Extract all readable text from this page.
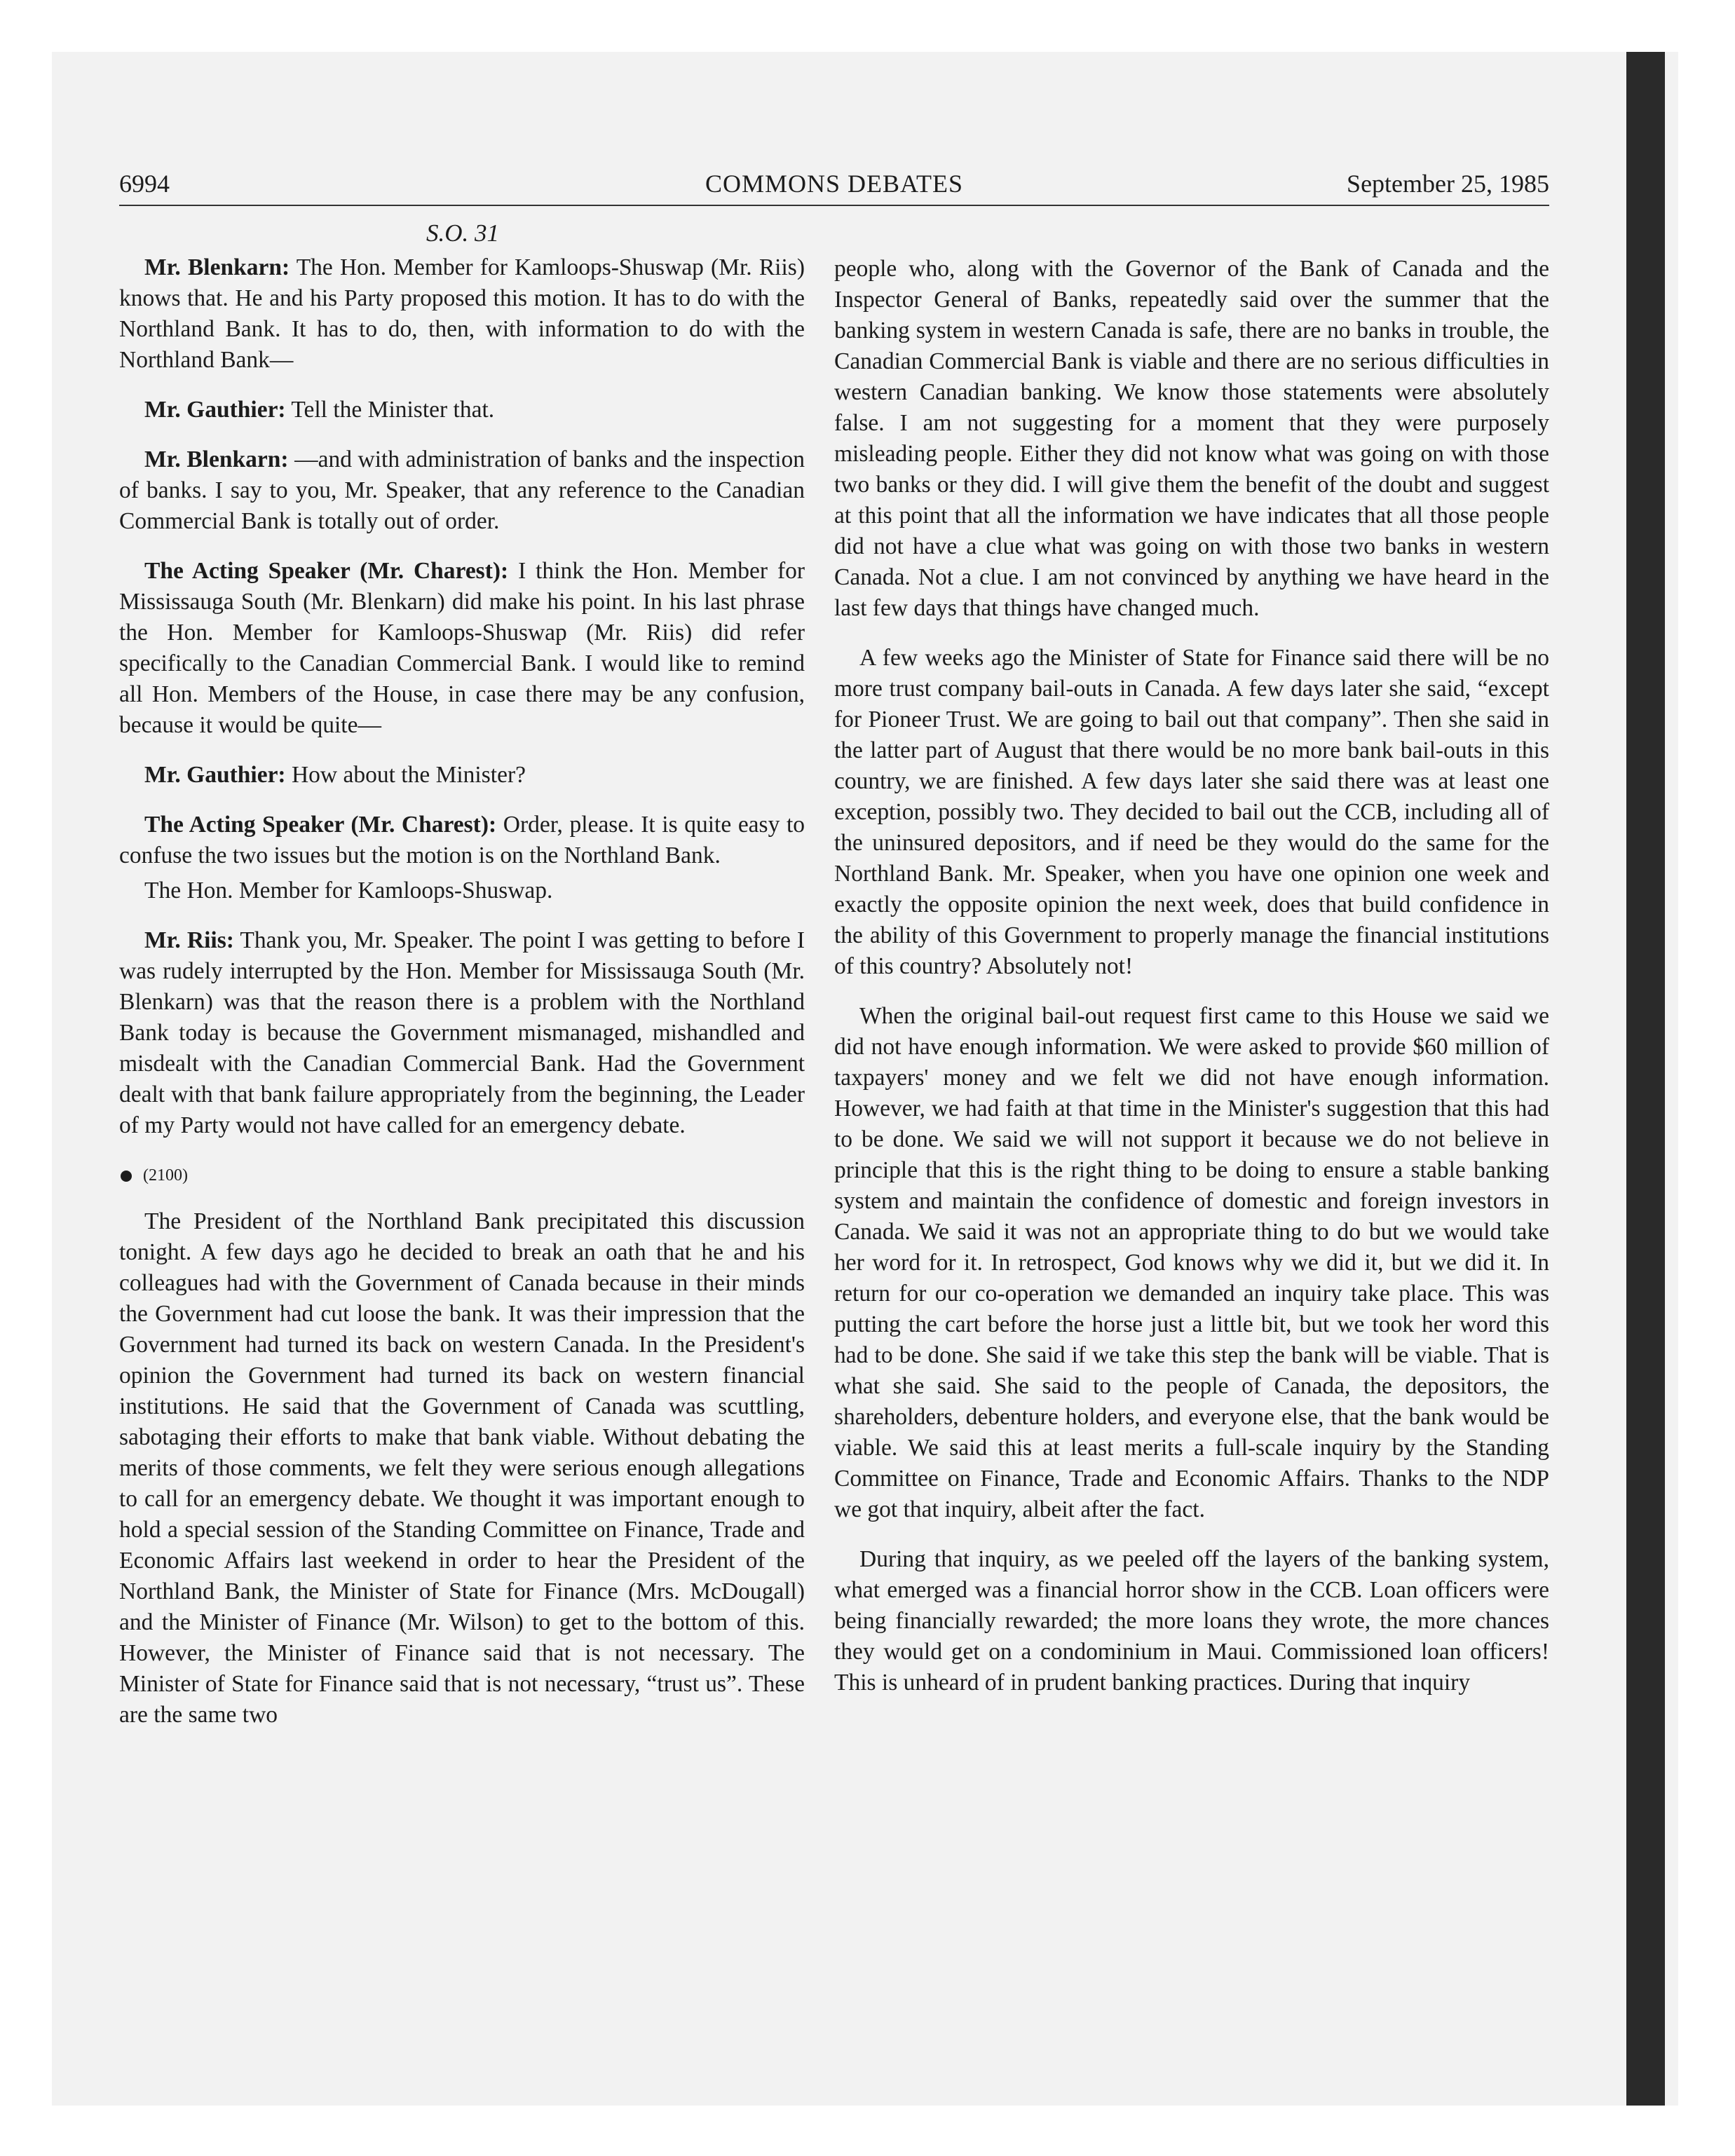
6994	COMMONS DEBATES	September 25, 1985
S.O. 31

Mr. Blenkarn: The Hon. Member for Kamloops-Shuswap (Mr. Riis) knows that. He and his Party proposed this motion. It has to do with the Northland Bank. It has to do, then, with information to do with the Northland Bank—

Mr. Gauthier: Tell the Minister that.

Mr. Blenkarn: —and with administration of banks and the inspection of banks. I say to you, Mr. Speaker, that any reference to the Canadian Commercial Bank is totally out of order.

The Acting Speaker (Mr. Charest): I think the Hon. Member for Mississauga South (Mr. Blenkarn) did make his point. In his last phrase the Hon. Member for Kamloops-Shuswap (Mr. Riis) did refer specifically to the Canadian Commercial Bank. I would like to remind all Hon. Members of the House, in case there may be any confusion, because it would be quite—

Mr. Gauthier: How about the Minister?

The Acting Speaker (Mr. Charest): Order, please. It is quite easy to confuse the two issues but the motion is on the Northland Bank.

The Hon. Member for Kamloops-Shuswap.

Mr. Riis: Thank you, Mr. Speaker. The point I was getting to before I was rudely interrupted by the Hon. Member for Mississauga South (Mr. Blenkarn) was that the reason there is a problem with the Northland Bank today is because the Government mismanaged, mishandled and misdealt with the Canadian Commercial Bank. Had the Government dealt with that bank failure appropriately from the beginning, the Leader of my Party would not have called for an emergency debate.

(2100)

The President of the Northland Bank precipitated this discussion tonight. A few days ago he decided to break an oath that he and his colleagues had with the Government of Canada because in their minds the Government had cut loose the bank. It was their impression that the Government had turned its back on western Canada. In the President's opinion the Government had turned its back on western financial institutions. He said that the Government of Canada was scuttling, sabotaging their efforts to make that bank viable. Without debating the merits of those comments, we felt they were serious enough allegations to call for an emergency debate. We thought it was important enough to hold a special session of the Standing Committee on Finance, Trade and Economic Affairs last weekend in order to hear the President of the Northland Bank, the Minister of State for Finance (Mrs. McDougall) and the Minister of Finance (Mr. Wilson) to get to the bottom of this. However, the Minister of Finance said that is not necessary. The Minister of State for Finance said that is not necessary, “trust us”. These are the same two

people who, along with the Governor of the Bank of Canada and the Inspector General of Banks, repeatedly said over the summer that the banking system in western Canada is safe, there are no banks in trouble, the Canadian Commercial Bank is viable and there are no serious difficulties in western Canadian banking. We know those statements were absolutely false. I am not suggesting for a moment that they were purposely misleading people. Either they did not know what was going on with those two banks or they did. I will give them the benefit of the doubt and suggest at this point that all the information we have indicates that all those people did not have a clue what was going on with those two banks in western Canada. Not a clue. I am not convinced by anything we have heard in the last few days that things have changed much.

A few weeks ago the Minister of State for Finance said there will be no more trust company bail-outs in Canada. A few days later she said, “except for Pioneer Trust. We are going to bail out that company”. Then she said in the latter part of August that there would be no more bank bail-outs in this country, we are finished. A few days later she said there was at least one exception, possibly two. They decided to bail out the CCB, including all of the uninsured depositors, and if need be they would do the same for the Northland Bank. Mr. Speaker, when you have one opinion one week and exactly the opposite opinion the next week, does that build confidence in the ability of this Government to properly manage the financial institutions of this country? Absolutely not!

When the original bail-out request first came to this House we said we did not have enough information. We were asked to provide $60 million of taxpayers' money and we felt we did not have enough information. However, we had faith at that time in the Minister's suggestion that this had to be done. We said we will not support it because we do not believe in principle that this is the right thing to be doing to ensure a stable banking system and maintain the confidence of domestic and foreign investors in Canada. We said it was not an appropriate thing to do but we would take her word for it. In retrospect, God knows why we did it, but we did it. In return for our co-operation we demanded an inquiry take place. This was putting the cart before the horse just a little bit, but we took her word this had to be done. She said if we take this step the bank will be viable. That is what she said. She said to the people of Canada, the depositors, the shareholders, debenture holders, and everyone else, that the bank would be viable. We said this at least merits a full-scale inquiry by the Standing Committee on Finance, Trade and Economic Affairs. Thanks to the NDP we got that inquiry, albeit after the fact.

During that inquiry, as we peeled off the layers of the banking system, what emerged was a financial horror show in the CCB. Loan officers were being financially rewarded; the more loans they wrote, the more chances they would get on a condominium in Maui. Commissioned loan officers! This is unheard of in prudent banking practices. During that inquiry
